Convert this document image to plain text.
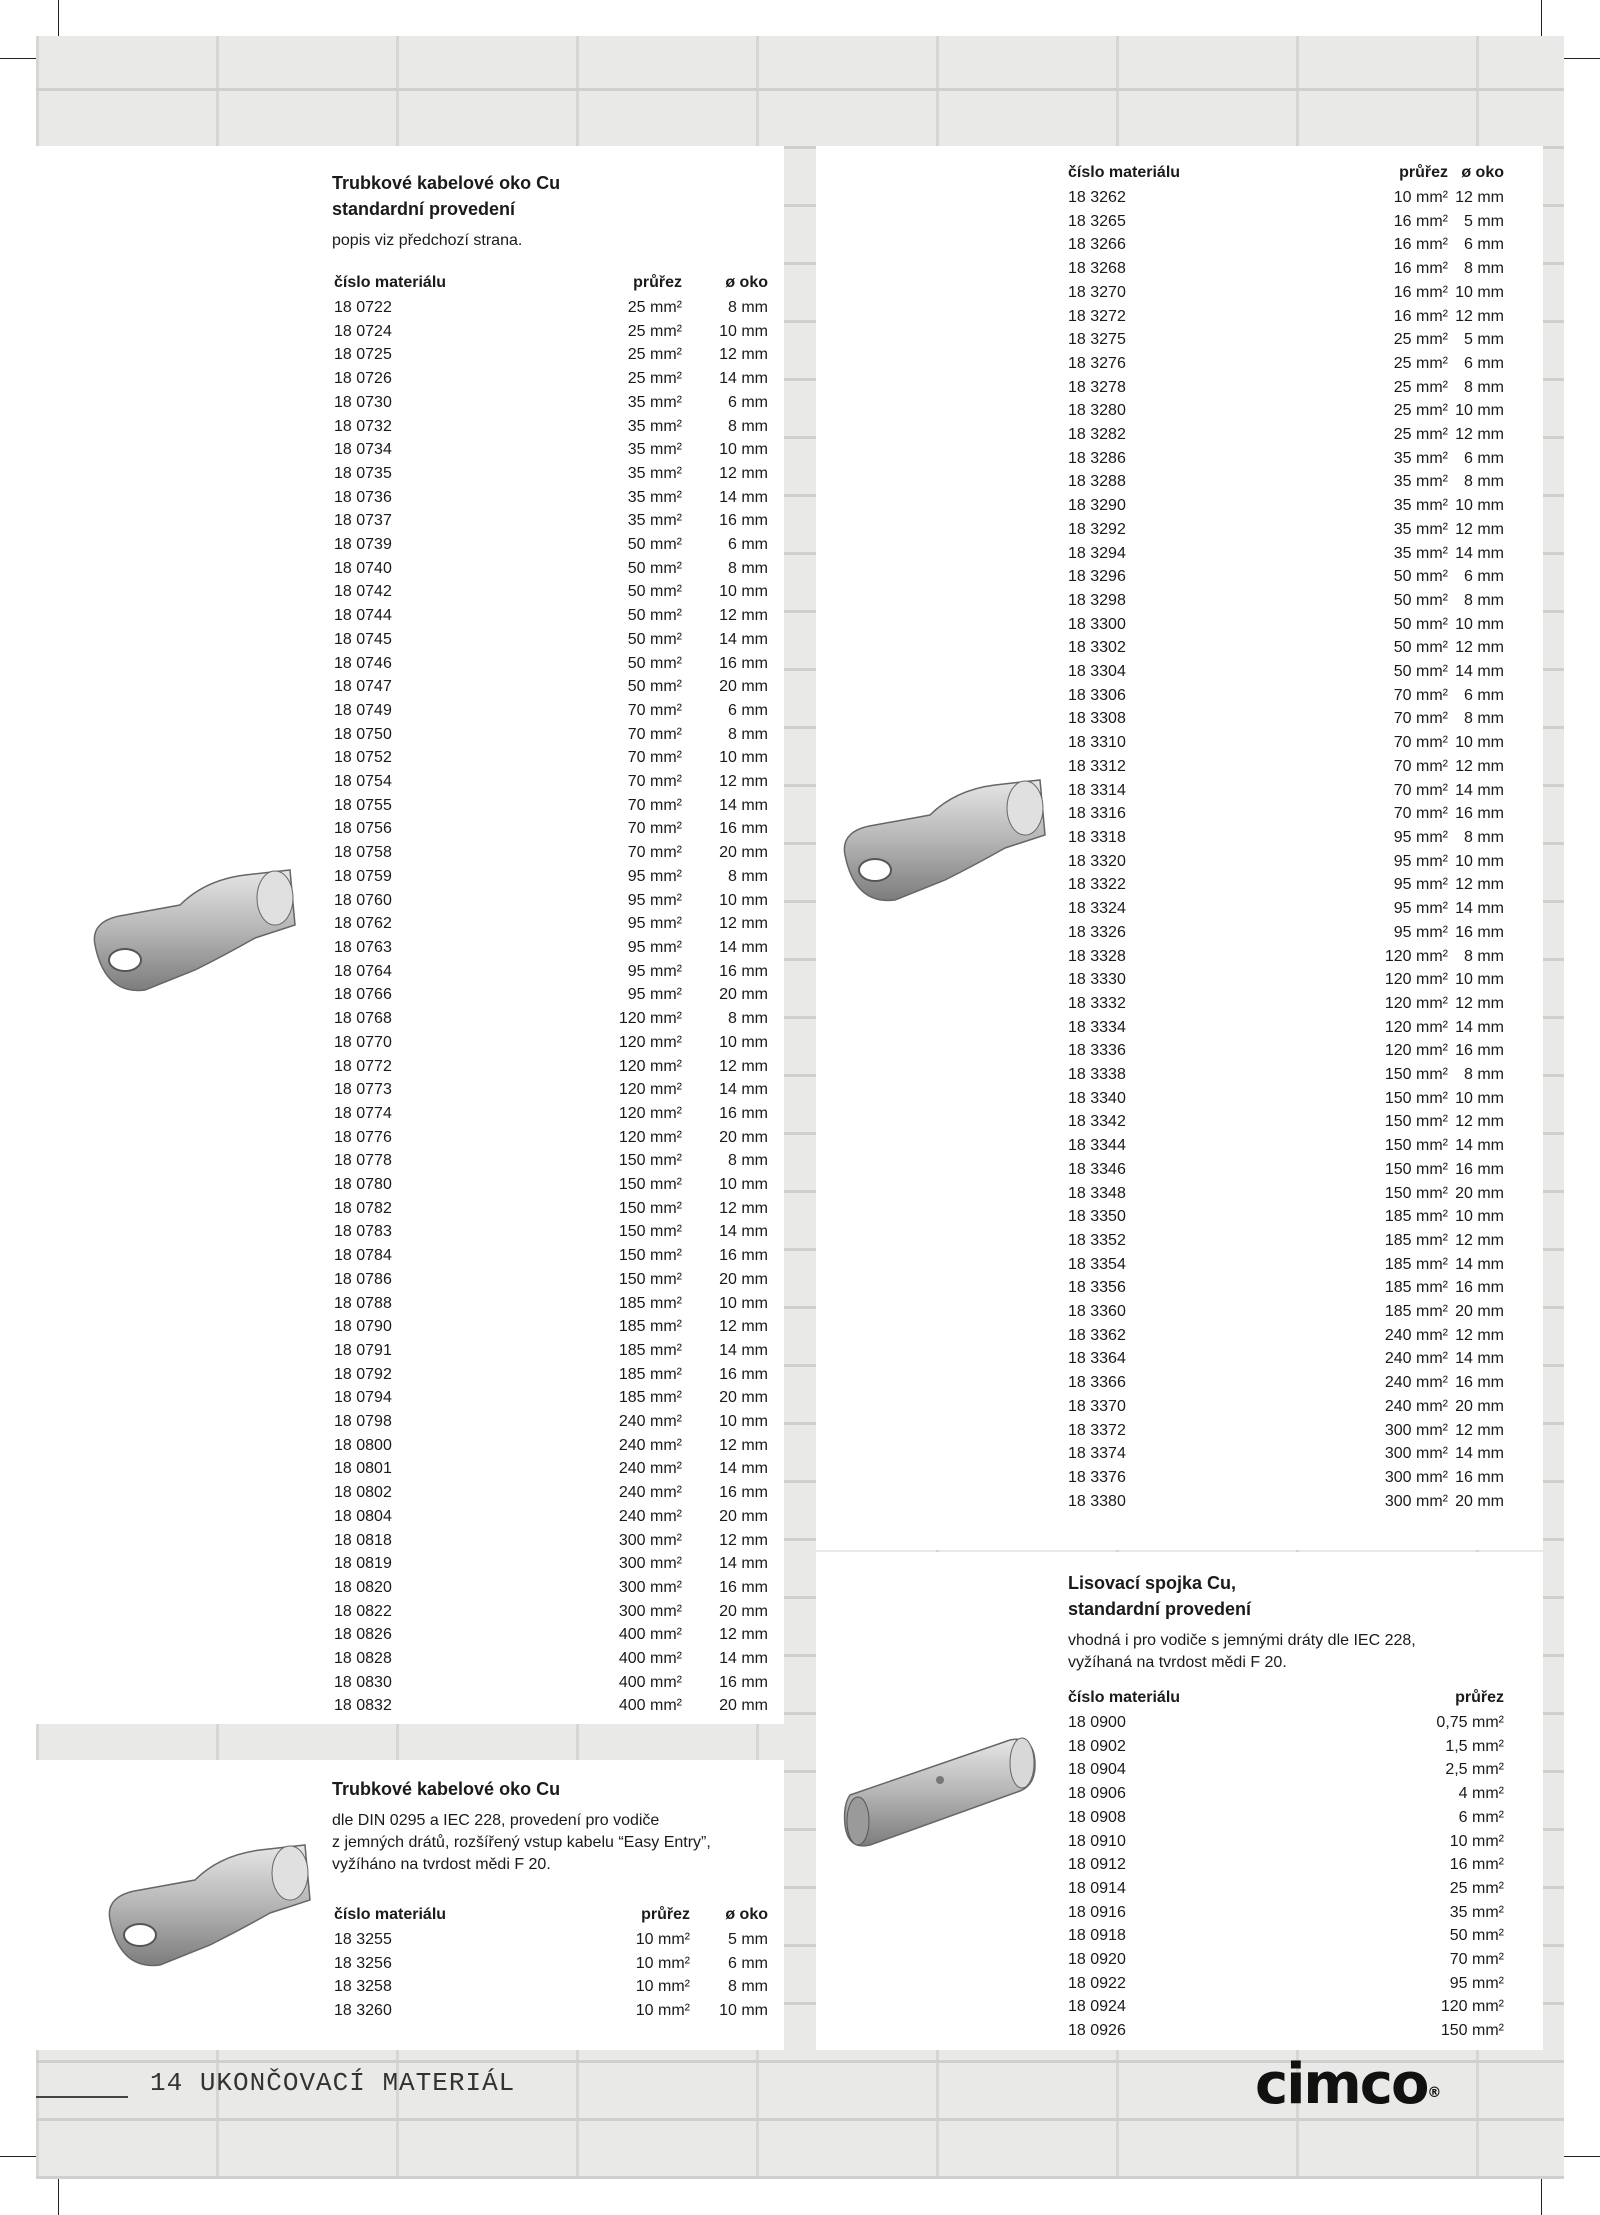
Trubkové kabelové oko Cu
standardní provedení

popis viz předchozí strana.

číslo materiálu	průřez	ø oko
18 0722	25 mm²	8 mm
18 0724	25 mm²	10 mm
18 0725	25 mm²	12 mm
18 0726	25 mm²	14 mm
18 0730	35 mm²	6 mm
18 0732	35 mm²	8 mm
18 0734	35 mm²	10 mm
18 0735	35 mm²	12 mm
18 0736	35 mm²	14 mm
18 0737	35 mm²	16 mm
18 0739	50 mm²	6 mm
18 0740	50 mm²	8 mm
18 0742	50 mm²	10 mm
18 0744	50 mm²	12 mm
18 0745	50 mm²	14 mm
18 0746	50 mm²	16 mm
18 0747	50 mm²	20 mm
18 0749	70 mm²	6 mm
18 0750	70 mm²	8 mm
18 0752	70 mm²	10 mm
18 0754	70 mm²	12 mm
18 0755	70 mm²	14 mm
18 0756	70 mm²	16 mm
18 0758	70 mm²	20 mm
18 0759	95 mm²	8 mm
18 0760	95 mm²	10 mm
18 0762	95 mm²	12 mm
18 0763	95 mm²	14 mm
18 0764	95 mm²	16 mm
18 0766	95 mm²	20 mm
18 0768	120 mm²	8 mm
18 0770	120 mm²	10 mm
18 0772	120 mm²	12 mm
18 0773	120 mm²	14 mm
18 0774	120 mm²	16 mm
18 0776	120 mm²	20 mm
18 0778	150 mm²	8 mm
18 0780	150 mm²	10 mm
18 0782	150 mm²	12 mm
18 0783	150 mm²	14 mm
18 0784	150 mm²	16 mm
18 0786	150 mm²	20 mm
18 0788	185 mm²	10 mm
18 0790	185 mm²	12 mm
18 0791	185 mm²	14 mm
18 0792	185 mm²	16 mm
18 0794	185 mm²	20 mm
18 0798	240 mm²	10 mm
18 0800	240 mm²	12 mm
18 0801	240 mm²	14 mm
18 0802	240 mm²	16 mm
18 0804	240 mm²	20 mm
18 0818	300 mm²	12 mm
18 0819	300 mm²	14 mm
18 0820	300 mm²	16 mm
18 0822	300 mm²	20 mm
18 0826	400 mm²	12 mm
18 0828	400 mm²	14 mm
18 0830	400 mm²	16 mm
18 0832	400 mm²	20 mm
číslo materiálu	průřez	ø oko
18 3262	10 mm²	12 mm
18 3265	16 mm²	5 mm
18 3266	16 mm²	6 mm
18 3268	16 mm²	8 mm
18 3270	16 mm²	10 mm
18 3272	16 mm²	12 mm
18 3275	25 mm²	5 mm
18 3276	25 mm²	6 mm
18 3278	25 mm²	8 mm
18 3280	25 mm²	10 mm
18 3282	25 mm²	12 mm
18 3286	35 mm²	6 mm
18 3288	35 mm²	8 mm
18 3290	35 mm²	10 mm
18 3292	35 mm²	12 mm
18 3294	35 mm²	14 mm
18 3296	50 mm²	6 mm
18 3298	50 mm²	8 mm
18 3300	50 mm²	10 mm
18 3302	50 mm²	12 mm
18 3304	50 mm²	14 mm
18 3306	70 mm²	6 mm
18 3308	70 mm²	8 mm
18 3310	70 mm²	10 mm
18 3312	70 mm²	12 mm
18 3314	70 mm²	14 mm
18 3316	70 mm²	16 mm
18 3318	95 mm²	8 mm
18 3320	95 mm²	10 mm
18 3322	95 mm²	12 mm
18 3324	95 mm²	14 mm
18 3326	95 mm²	16 mm
18 3328	120 mm²	8 mm
18 3330	120 mm²	10 mm
18 3332	120 mm²	12 mm
18 3334	120 mm²	14 mm
18 3336	120 mm²	16 mm
18 3338	150 mm²	8 mm
18 3340	150 mm²	10 mm
18 3342	150 mm²	12 mm
18 3344	150 mm²	14 mm
18 3346	150 mm²	16 mm
18 3348	150 mm²	20 mm
18 3350	185 mm²	10 mm
18 3352	185 mm²	12 mm
18 3354	185 mm²	14 mm
18 3356	185 mm²	16 mm
18 3360	185 mm²	20 mm
18 3362	240 mm²	12 mm
18 3364	240 mm²	14 mm
18 3366	240 mm²	16 mm
18 3370	240 mm²	20 mm
18 3372	300 mm²	12 mm
18 3374	300 mm²	14 mm
18 3376	300 mm²	16 mm
18 3380	300 mm²	20 mm

Trubkové kabelové oko Cu

dle DIN 0295 a IEC 228, provedení pro vodiče
z jemných drátů, rozšířený vstup kabelu “Easy Entry”,
vyžíháno na tvrdost mědi F 20.

číslo materiálu	průřez	ø oko
18 3255	10 mm²	5 mm
18 3256	10 mm²	6 mm
18 3258	10 mm²	8 mm
18 3260	10 mm²	10 mm

Lisovací spojka Cu,
standardní provedení

vhodná i pro vodiče s jemnými dráty dle IEC 228,
vyžíhaná na tvrdost mědi F 20.

číslo materiálu	průřez
18 0900	0,75 mm²
18 0902	1,5 mm²
18 0904	2,5 mm²
18 0906	4 mm²
18 0908	6 mm²
18 0910	10 mm²
18 0912	16 mm²
18 0914	25 mm²
18 0916	35 mm²
18 0918	50 mm²
18 0920	70 mm²
18 0922	95 mm²
18 0924	120 mm²
18 0926	150 mm²
14 UKONČOVACÍ MATERIÁL	cimco®
